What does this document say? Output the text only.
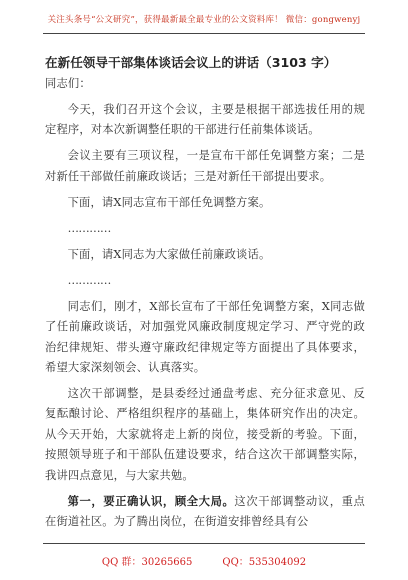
关注头条号“公文研究”，获得最新最全最专业的公文资料库！ 微信：gongwenyj
在新任领导干部集体谈话会议上的讲话（3103 字）

同志们：

今天，我们召开这个会议，主要是根据干部选拔任用的规定程序，对本次新调整任职的干部进行任前集体谈话。

会议主要有三项议程，一是宣布干部任免调整方案；二是对新任干部做任前廉政谈话；三是对新任干部提出要求。

下面，请X同志宣布干部任免调整方案。

…………

下面，请X同志为大家做任前廉政谈话。

…………

同志们，刚才，X部长宣布了干部任免调整方案，X同志做了任前廉政谈话，对加强党风廉政制度规定学习、严守党的政治纪律规矩、带头遵守廉政纪律规定等方面提出了具体要求，希望大家深刻领会、认真落实。

这次干部调整，是县委经过通盘考虑、充分征求意见、反复酝酿讨论、严格组织程序的基础上，集体研究作出的决定。从今天开始，大家就将走上新的岗位，接受新的考验。下面，按照领导班子和干部队伍建设要求，结合这次干部调整实际，我讲四点意见，与大家共勉。

第一，要正确认识，顾全大局。这次干部调整动议，重点在街道社区。为了腾出岗位，在街道安排曾经具有公

QQ 群：30265665	QQ：535304092
